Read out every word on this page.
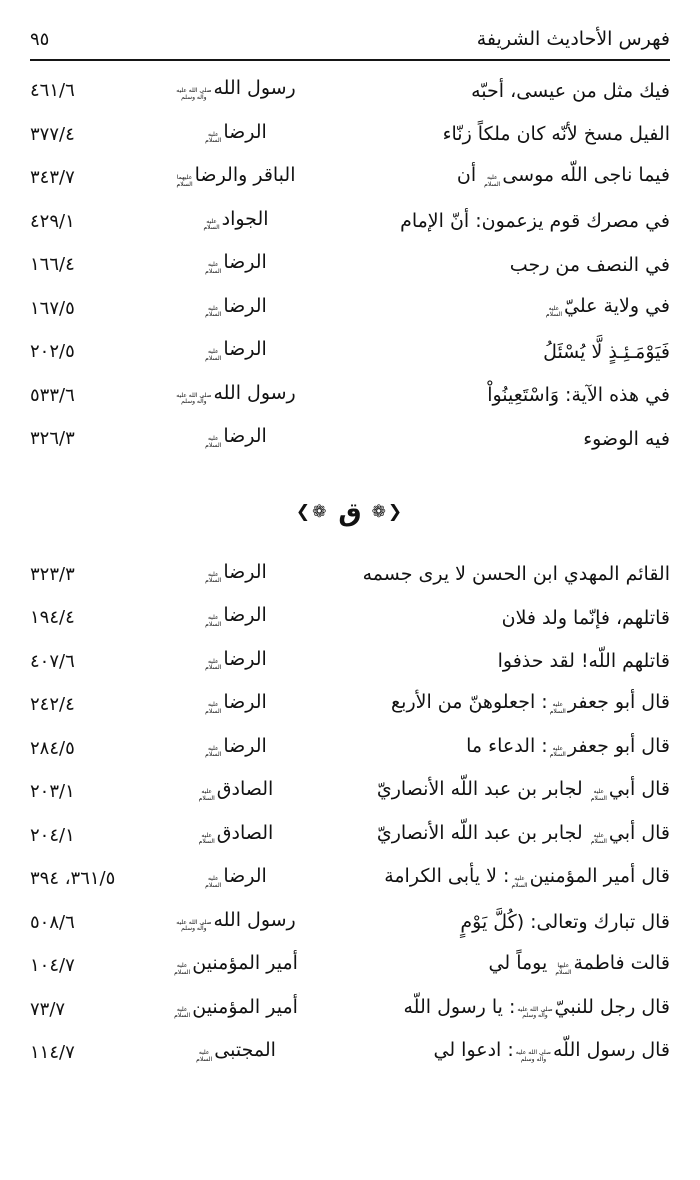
فهرس الأحاديث الشريفة
٩٥
فيك مثل من عيسى، أحبّه
رسول الله
صلى الله عليه
وآله وسلم
٤٦١/٦
الفيل مسخ لأنّه كان ملكاً زنّاء
الرضا
عليه
السلام
٣٧٧/٤
فيما ناجى اللّه موسى
عليه
السلام
أن
الباقر والرضا
عليهما
السلام
٣٤٣/٧
في مصرك قوم يزعمون: أنّ الإمام
الجواد
عليه
السلام
٤٢٩/١
في النصف من رجب
الرضا
عليه
السلام
١٦٦/٤
في ولاية عليّ
عليه
السلام
الرضا
عليه
السلام
١٦٧/٥
فَيَوْمَـئِـذٍ لَّا يُسْئَلُ
الرضا
عليه
السلام
٢٠٢/٥
في هذه الآية: وَاسْتَعِينُواْ
رسول الله
صلى الله عليه
وآله وسلم
٥٣٣/٦
فيه الوضوء
الرضا
عليه
السلام
٣٢٦/٣
❮❁ ق ❁❯
القائم المهدي ابن الحسن لا يرى جسمه
الرضا
عليه
السلام
٣٢٣/٣
قاتلهم، فإنّما ولد فلان
الرضا
عليه
السلام
١٩٤/٤
قاتلهم اللّه! لقد حذفوا
الرضا
عليه
السلام
٤٠٧/٦
قال أبو جعفر
عليه
السلام
: اجعلوهنّ من الأربع
الرضا
عليه
السلام
٢٤٢/٤
قال أبو جعفر
عليه
السلام
: الدعاء ما
الرضا
عليه
السلام
٢٨٤/٥
قال أبي
عليه
السلام
لجابر بن عبد اللّه الأنصاريّ
الصادق
عليه
السلام
٢٠٣/١
قال أبي
عليه
السلام
لجابر بن عبد اللّه الأنصاريّ
الصادق
عليه
السلام
٢٠٤/١
قال أمير المؤمنين
عليه
السلام
: لا يأبى الكرامة
الرضا
عليه
السلام
٣٦١/٥، ٣٩٤
قال تبارك وتعالى: (كُلَّ يَوْمٍ
رسول الله
صلى الله عليه
وآله وسلم
٥٠٨/٦
قالت فاطمة
عليها
السلام
يوماً لي
أمير المؤمنين
عليه
السلام
١٠٤/٧
قال رجل للنبيّ
صلى الله عليه
وآله وسلم
: يا رسول اللّه
أمير المؤمنين
عليه
السلام
٧٣/٧
قال رسول اللّه
صلى الله عليه
وآله وسلم
: ادعوا لي
المجتبى
عليه
السلام
١١٤/٧
